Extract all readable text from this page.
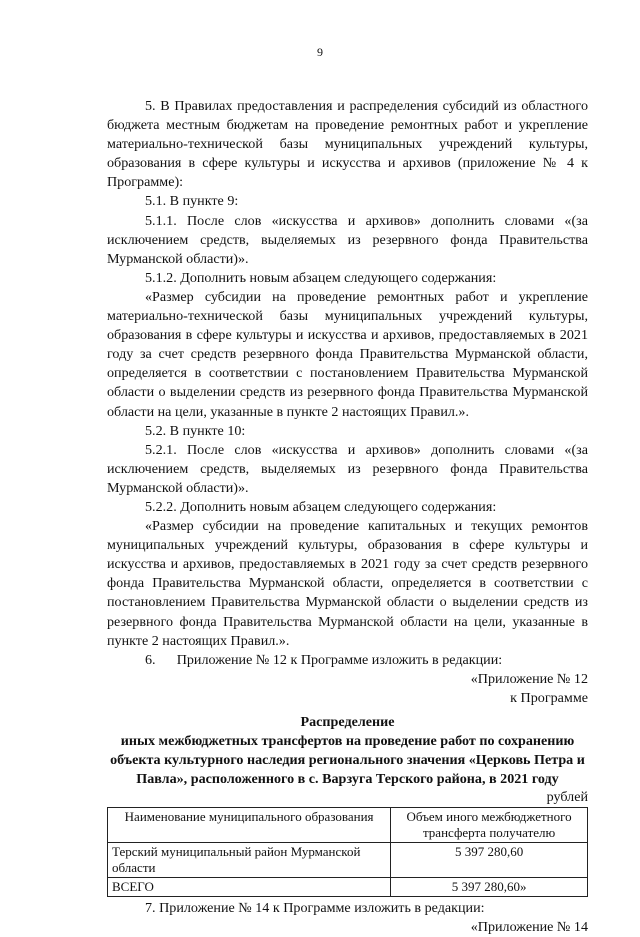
9

5. В Правилах предоставления и распределения субсидий из областного бюджета местным бюджетам на проведение ремонтных работ и укрепление материально-технической базы муниципальных учреждений культуры, образования в сфере культуры и искусства и архивов (приложение № 4 к Программе):

5.1. В пункте 9:

5.1.1. После слов «искусства и архивов» дополнить словами «(за исключением средств, выделяемых из резервного фонда Правительства Мурманской области)».

5.1.2. Дополнить новым абзацем следующего содержания:

«Размер субсидии на проведение ремонтных работ и укрепление материально-технической базы муниципальных учреждений культуры, образования в сфере культуры и искусства и архивов, предоставляемых в 2021 году за счет средств резервного фонда Правительства Мурманской области, определяется в соответствии с постановлением Правительства Мурманской области о выделении средств из резервного фонда Правительства Мурманской области на цели, указанные в пункте 2 настоящих Правил.».

5.2. В пункте 10:

5.2.1. После слов «искусства и архивов» дополнить словами «(за исключением средств, выделяемых из резервного фонда Правительства Мурманской области)».

5.2.2. Дополнить новым абзацем следующего содержания:

«Размер субсидии на проведение капитальных и текущих ремонтов муниципальных учреждений культуры, образования в сфере культуры и искусства и архивов, предоставляемых в 2021 году за счет средств резервного фонда Правительства Мурманской области, определяется в соответствии с постановлением Правительства Мурманской области о выделении средств из резервного фонда Правительства Мурманской области на цели, указанные в пункте 2 настоящих Правил.».

6.      Приложение № 12 к Программе изложить в редакции:

«Приложение № 12

к Программе

Распределение
иных межбюджетных трансфертов на проведение работ по сохранению объекта культурного наследия регионального значения «Церковь Петра и Павла», расположенного в с. Варзуга Терского района, в 2021 году
рублей
Наименование муниципального образования	Объем иного межбюджетного трансферта получателю
Терский муниципальный район Мурманской области	5 397 280,60
ВСЕГО	5 397 280,60»

7. Приложение № 14 к Программе изложить в редакции:

«Приложение № 14
